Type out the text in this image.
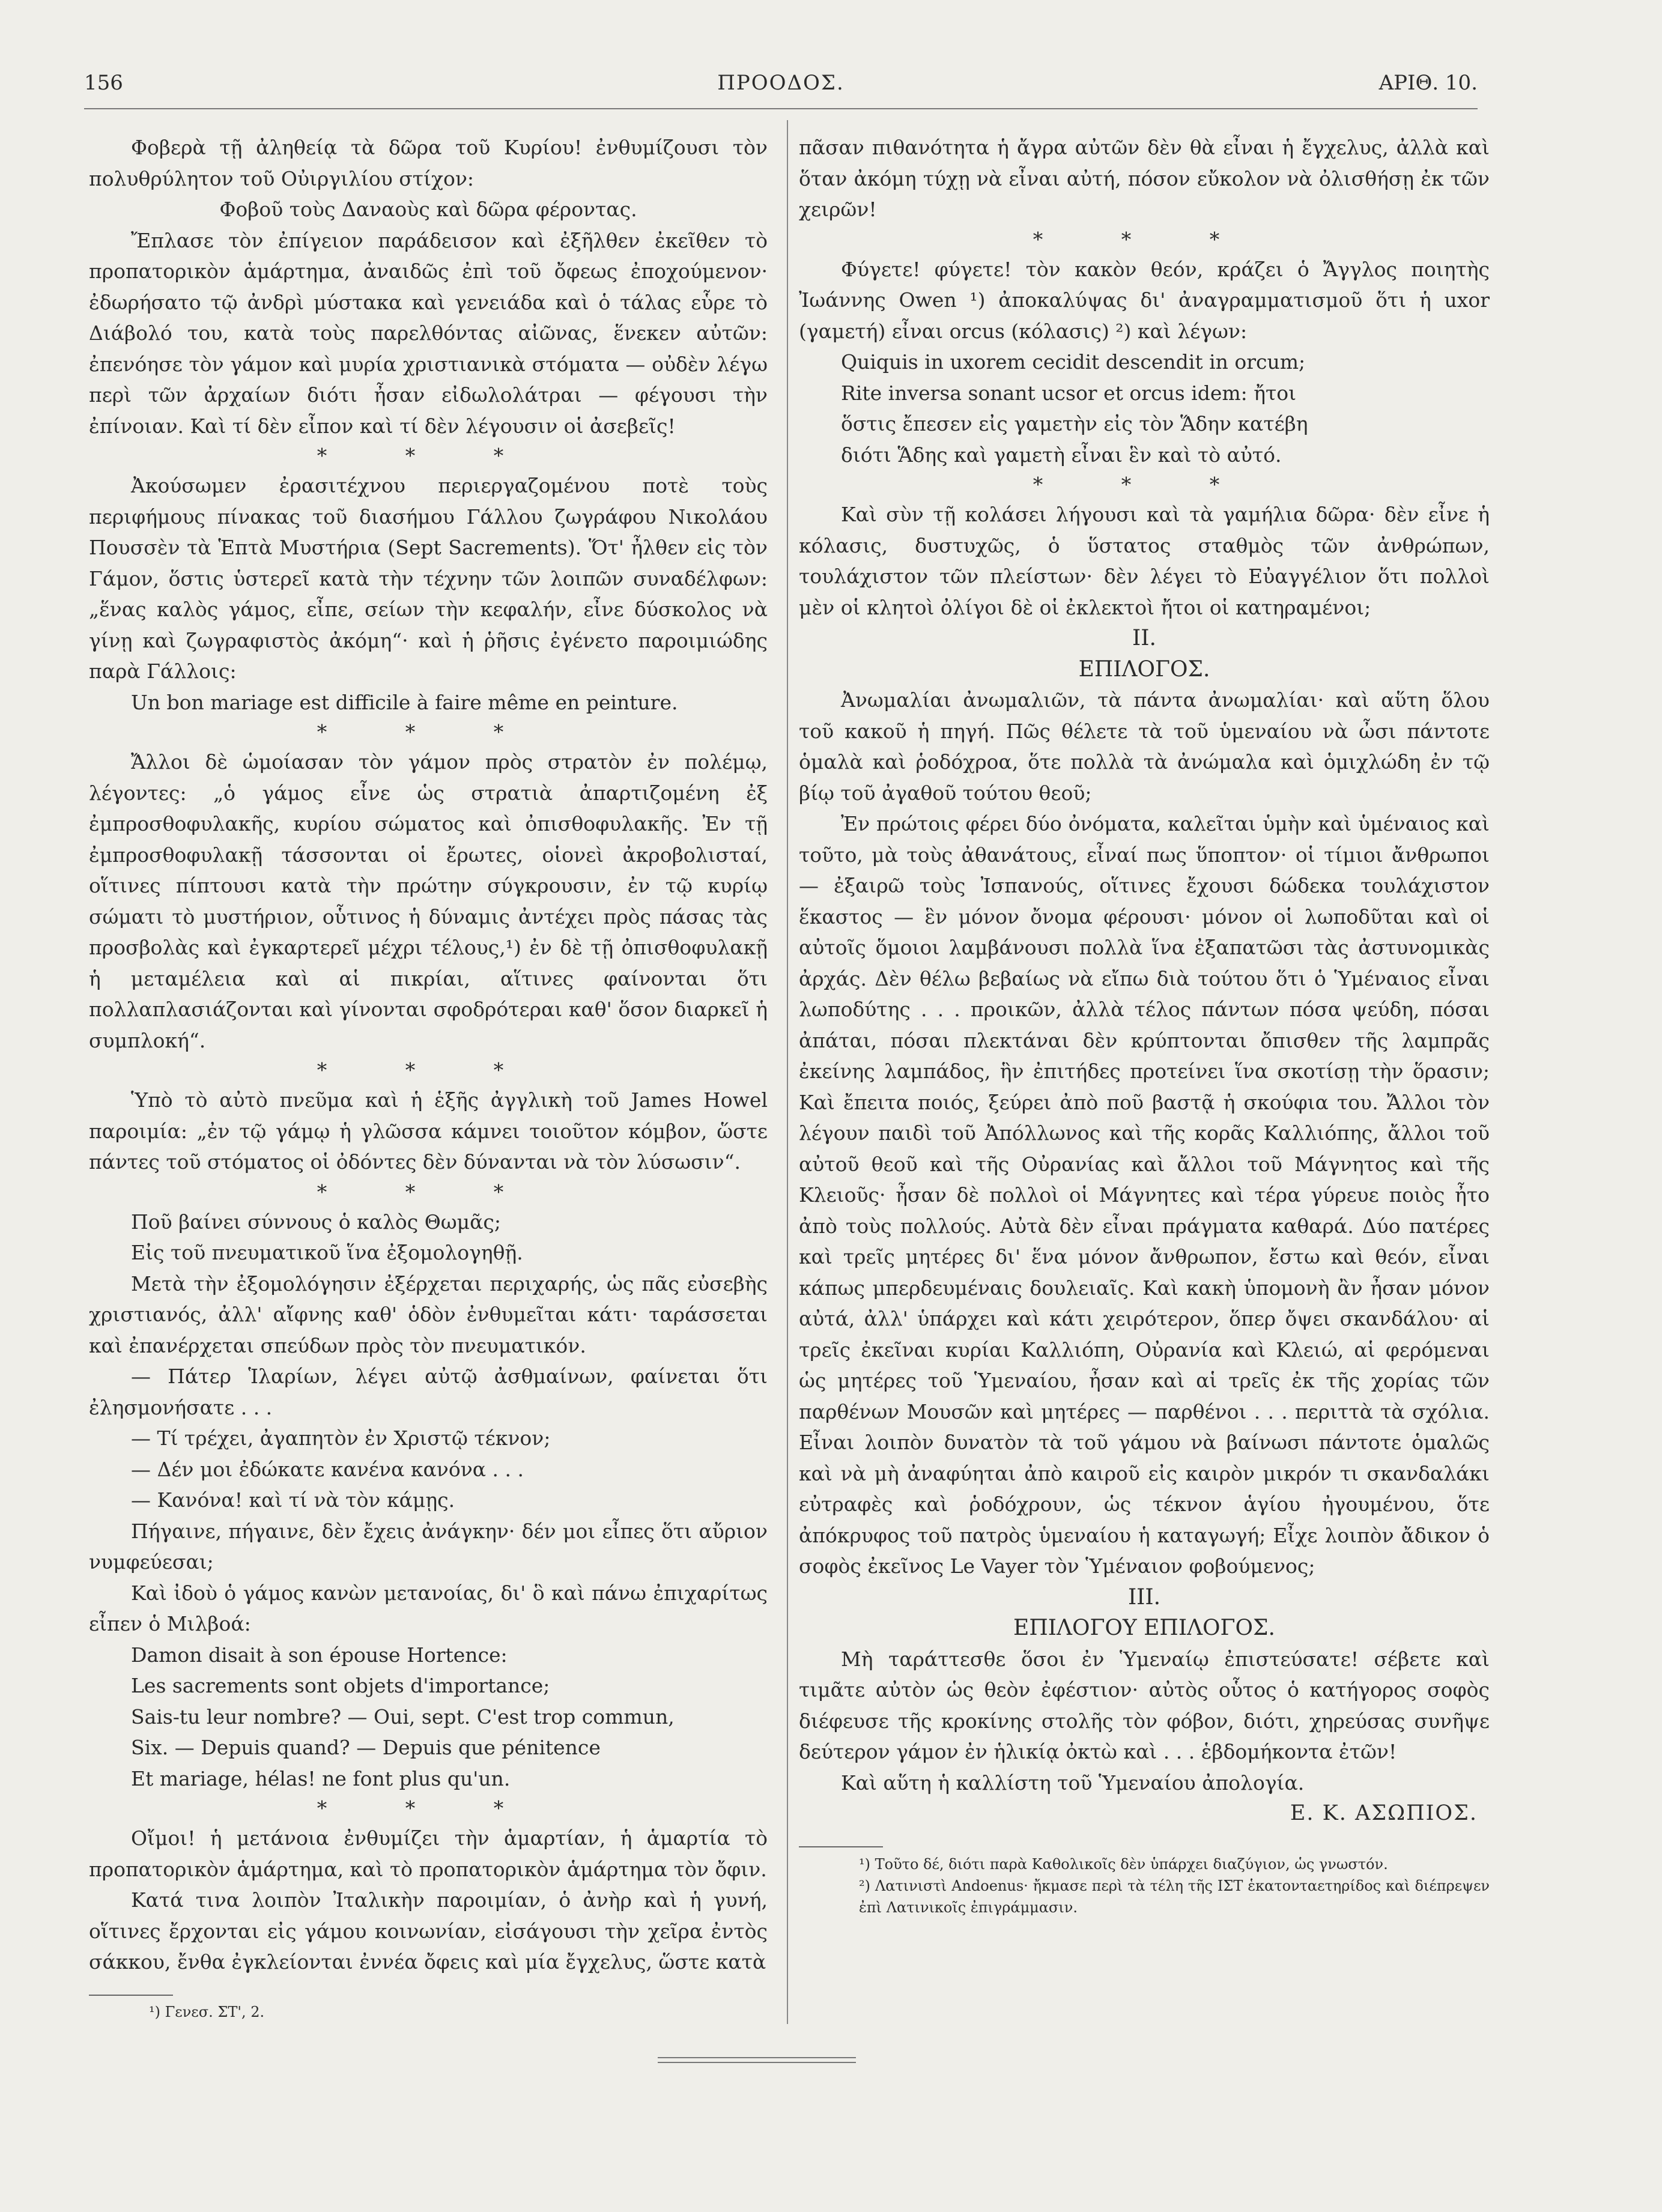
156	ΠΡΟΟΔΟΣ.	ΑΡΙΘ. 10.

Φοβερὰ τῇ ἀληθείᾳ τὰ δῶρα τοῦ Κυρίου! ἐνθυμίζουσι τὸν πολυθρύλητον τοῦ Οὐιργιλίου στίχον:

Φοβοῦ τοὺς Δαναοὺς καὶ δῶρα φέροντας.

Ἔπλασε τὸν ἐπίγειον παράδεισον καὶ ἐξῆλθεν ἐκεῖθεν τὸ προπατορικὸν ἁμάρτημα, ἀναιδῶς ἐπὶ τοῦ ὄφεως ἐποχούμενον· ἐδωρήσατο τῷ ἀνδρὶ μύστακα καὶ γενειάδα καὶ ὁ τάλας εὗρε τὸ Διάβολό του, κατὰ τοὺς παρελθόντας αἰῶνας, ἕνεκεν αὐτῶν: ἐπενόησε τὸν γάμον καὶ μυρία χριστιανικὰ στόματα — οὐδὲν λέγω περὶ τῶν ἀρχαίων διότι ἦσαν εἰδωλολάτραι — φέγουσι τὴν ἐπίνοιαν. Καὶ τί δὲν εἶπον καὶ τί δὲν λέγουσιν οἱ ἀσεβεῖς!

* * *

Ἀκούσωμεν ἐρασιτέχνου περιεργαζομένου ποτὲ τοὺς περιφήμους πίνακας τοῦ διασήμου Γάλλου ζωγράφου Νικολάου Πουσσὲν τὰ Ἑπτὰ Μυστήρια (Sept Sacrements). Ὅτ' ἦλθεν εἰς τὸν Γάμον, ὅστις ὑστερεῖ κατὰ τὴν τέχνην τῶν λοιπῶν συναδέλφων: „ἕνας καλὸς γάμος, εἶπε, σείων τὴν κεφαλήν, εἶνε δύσκολος νὰ γίνῃ καὶ ζωγραφιστὸς ἀκόμη“· καὶ ἡ ῥῆσις ἐγένετο παροιμιώδης παρὰ Γάλλοις:

Un bon mariage est difficile à faire même en peinture.

* * *

Ἄλλοι δὲ ὡμοίασαν τὸν γάμον πρὸς στρατὸν ἐν πολέμῳ, λέγοντες: „ὁ γάμος εἶνε ὡς στρατιὰ ἀπαρτιζομένη ἐξ ἐμπροσθοφυλακῆς, κυρίου σώματος καὶ ὀπισθοφυλακῆς. Ἐν τῇ ἐμπροσθοφυλακῇ τάσσονται οἱ ἔρωτες, οἱονεὶ ἀκροβολισταί, οἵτινες πίπτουσι κατὰ τὴν πρώτην σύγκρουσιν, ἐν τῷ κυρίῳ σώματι τὸ μυστήριον, οὗτινος ἡ δύναμις ἀντέχει πρὸς πάσας τὰς προσβολὰς καὶ ἐγκαρτερεῖ μέχρι τέλους,¹) ἐν δὲ τῇ ὀπισθοφυλακῇ ἡ μεταμέλεια καὶ αἱ πικρίαι, αἵτινες φαίνονται ὅτι πολλαπλασιάζονται καὶ γίνονται σφοδρότεραι καθ' ὅσον διαρκεῖ ἡ συμπλοκή“.

* * *

Ὑπὸ τὸ αὐτὸ πνεῦμα καὶ ἡ ἑξῆς ἀγγλικὴ τοῦ James Howel παροιμία: „ἐν τῷ γάμῳ ἡ γλῶσσα κάμνει τοιοῦτον κόμβον, ὥστε πάντες τοῦ στόματος οἱ ὀδόντες δὲν δύνανται νὰ τὸν λύσωσιν“.

* * *

Ποῦ βαίνει σύννους ὁ καλὸς Θωμᾶς;

Εἰς τοῦ πνευματικοῦ ἵνα ἐξομολογηθῇ.

Μετὰ τὴν ἐξομολόγησιν ἐξέρχεται περιχαρής, ὡς πᾶς εὐσεβὴς χριστιανός, ἀλλ' αἴφνης καθ' ὁδὸν ἐνθυμεῖται κάτι· ταράσσεται καὶ ἐπανέρχεται σπεύδων πρὸς τὸν πνευματικόν.

— Πάτερ Ἱλαρίων, λέγει αὐτῷ ἀσθμαίνων, φαίνεται ὅτι ἐλησμονήσατε . . .

— Τί τρέχει, ἀγαπητὸν ἐν Χριστῷ τέκνον;

— Δέν μοι ἐδώκατε κανένα κανόνα . . .

— Κανόνα! καὶ τί νὰ τὸν κάμῃς.

Πήγαινε, πήγαινε, δὲν ἔχεις ἀνάγκην· δέν μοι εἶπες ὅτι αὔριον νυμφεύεσαι;

Καὶ ἰδοὺ ὁ γάμος κανὼν μετανοίας, δι' ὃ καὶ πάνω ἐπιχαρίτως εἶπεν ὁ Μιλβοά:

Damon disait à son épouse Hortence:

Les sacrements sont objets d'importance;

Sais-tu leur nombre? — Oui, sept. C'est trop commun,

Six. — Depuis quand? — Depuis que pénitence

Et mariage, hélas! ne font plus qu'un.

* * *

Οἴμοι! ἡ μετάνοια ἐνθυμίζει τὴν ἁμαρτίαν, ἡ ἁμαρτία τὸ προπατορικὸν ἁμάρτημα, καὶ τὸ προπατορικὸν ἁμάρτημα τὸν ὄφιν.

Κατά τινα λοιπὸν Ἰταλικὴν παροιμίαν, ὁ ἀνὴρ καὶ ἡ γυνή, οἵτινες ἔρχονται εἰς γάμου κοινωνίαν, εἰσάγουσι τὴν χεῖρα ἐντὸς σάκκου, ἔνθα ἐγκλείονται ἐννέα ὄφεις καὶ μία ἔγχελυς, ὥστε κατὰ

¹) Γενεσ. ΣΤ', 2.

πᾶσαν πιθανότητα ἡ ἄγρα αὐτῶν δὲν θὰ εἶναι ἡ ἔγχελυς, ἀλλὰ καὶ ὅταν ἀκόμη τύχῃ νὰ εἶναι αὐτή, πόσον εὔκολον νὰ ὀλισθήσῃ ἐκ τῶν χειρῶν!

* * *

Φύγετε! φύγετε! τὸν κακὸν θεόν, κράζει ὁ Ἄγγλος ποιητὴς Ἰωάννης Owen ¹) ἀποκαλύψας δι' ἀναγραμματισμοῦ ὅτι ἡ uxor (γαμετή) εἶναι orcus (κόλασις) ²) καὶ λέγων:

Quiquis in uxorem cecidit descendit in orcum;

Rite inversa sonant ucsor et orcus idem: ἤτοι

ὅστις ἔπεσεν εἰς γαμετὴν εἰς τὸν Ἅδην κατέβη

διότι Ἅδης καὶ γαμετὴ εἶναι ἓν καὶ τὸ αὐτό.

* * *

Καὶ σὺν τῇ κολάσει λήγουσι καὶ τὰ γαμήλια δῶρα· δὲν εἶνε ἡ κόλασις, δυστυχῶς, ὁ ὕστατος σταθμὸς τῶν ἀνθρώπων, τουλάχιστον τῶν πλείστων· δὲν λέγει τὸ Εὐαγγέλιον ὅτι πολλοὶ μὲν οἱ κλητοὶ ὀλίγοι δὲ οἱ ἐκλεκτοὶ ἤτοι οἱ κατηραμένοι;

II.

ΕΠΙΛΟΓΟΣ.

Ἀνωμαλίαι ἀνωμαλιῶν, τὰ πάντα ἀνωμαλίαι· καὶ αὕτη ὅλου τοῦ κακοῦ ἡ πηγή. Πῶς θέλετε τὰ τοῦ ὑμεναίου νὰ ὦσι πάντοτε ὁμαλὰ καὶ ῥοδόχροα, ὅτε πολλὰ τὰ ἀνώμαλα καὶ ὁμιχλώδη ἐν τῷ βίῳ τοῦ ἀγαθοῦ τούτου θεοῦ;

Ἐν πρώτοις φέρει δύο ὀνόματα, καλεῖται ὑμὴν καὶ ὑμέναιος καὶ τοῦτο, μὰ τοὺς ἀθανάτους, εἶναί πως ὕποπτον· οἱ τίμιοι ἄνθρωποι — ἐξαιρῶ τοὺς Ἰσπανούς, οἵτινες ἔχουσι δώδεκα τουλάχιστον ἕκαστος — ἓν μόνον ὄνομα φέρουσι· μόνον οἱ λωποδῦται καὶ οἱ αὐτοῖς ὅμοιοι λαμβάνουσι πολλὰ ἵνα ἐξαπατῶσι τὰς ἀστυνομικὰς ἀρχάς. Δὲν θέλω βεβαίως νὰ εἴπω διὰ τούτου ὅτι ὁ Ὑμέναιος εἶναι λωποδύτης . . . προικῶν, ἀλλὰ τέλος πάντων πόσα ψεύδη, πόσαι ἀπάται, πόσαι πλεκτάναι δὲν κρύπτονται ὄπισθεν τῆς λαμπρᾶς ἐκείνης λαμπάδος, ἣν ἐπιτήδες προτείνει ἵνα σκοτίσῃ τὴν ὅρασιν; Καὶ ἔπειτα ποιός, ξεύρει ἀπὸ ποῦ βαστᾷ ἡ σκούφια του. Ἄλλοι τὸν λέγουν παιδὶ τοῦ Ἀπόλλωνος καὶ τῆς κορᾶς Καλλιόπης, ἄλλοι τοῦ αὐτοῦ θεοῦ καὶ τῆς Οὐρανίας καὶ ἄλλοι τοῦ Μάγνητος καὶ τῆς Κλειοῦς· ἦσαν δὲ πολλοὶ οἱ Μάγνητες καὶ τέρα γύρευε ποιὸς ἦτο ἀπὸ τοὺς πολλούς. Αὐτὰ δὲν εἶναι πράγματα καθαρά. Δύο πατέρες καὶ τρεῖς μητέρες δι' ἕνα μόνον ἄνθρωπον, ἔστω καὶ θεόν, εἶναι κάπως μπερδευμέναις δουλειαῖς. Καὶ κακὴ ὑπομονὴ ἂν ἦσαν μόνον αὐτά, ἀλλ' ὑπάρχει καὶ κάτι χειρότερον, ὅπερ ὄψει σκανδάλου· αἱ τρεῖς ἐκεῖναι κυρίαι Καλλιόπη, Οὐρανία καὶ Κλειώ, αἱ φερόμεναι ὡς μητέρες τοῦ Ὑμεναίου, ἦσαν καὶ αἱ τρεῖς ἐκ τῆς χορίας τῶν παρθένων Μουσῶν καὶ μητέρες — παρθένοι . . . περιττὰ τὰ σχόλια. Εἶναι λοιπὸν δυνατὸν τὰ τοῦ γάμου νὰ βαίνωσι πάντοτε ὁμαλῶς καὶ νὰ μὴ ἀναφύηται ἀπὸ καιροῦ εἰς καιρὸν μικρόν τι σκανδαλάκι εὐτραφὲς καὶ ῥοδόχρουν, ὡς τέκνον ἁγίου ἠγουμένου, ὅτε ἀπόκρυφος τοῦ πατρὸς ὑμεναίου ἡ καταγωγή; Εἶχε λοιπὸν ἄδικον ὁ σοφὸς ἐκεῖνος Le Vayer τὸν Ὑμέναιον φοβούμενος;

III.

ΕΠΙΛΟΓΟΥ ΕΠΙΛΟΓΟΣ.

Μὴ ταράττεσθε ὅσοι ἐν Ὑμεναίῳ ἐπιστεύσατε! σέβετε καὶ τιμᾶτε αὐτὸν ὡς θεὸν ἐφέστιον· αὐτὸς οὗτος ὁ κατήγορος σοφὸς διέφευσε τῆς κροκίνης στολῆς τὸν φόβον, διότι, χηρεύσας συνῆψε δεύτερον γάμον ἐν ἡλικίᾳ ὀκτὼ καὶ . . . ἑβδομήκοντα ἐτῶν!

Καὶ αὕτη ἡ καλλίστη τοῦ Ὑμεναίου ἀπολογία.

Ε. Κ. ΑΣΩΠΙΟΣ.

¹) Τοῦτο δέ, διότι παρὰ Καθολικοῖς δὲν ὑπάρχει διαζύγιον, ὡς γνωστόν.

²) Λατινιστὶ Andoenus· ἤκμασε περὶ τὰ τέλη τῆς ΙΣΤ ἑκατονταετηρίδος καὶ διέπρεψεν ἐπὶ Λατινικοῖς ἐπιγράμμασιν.
